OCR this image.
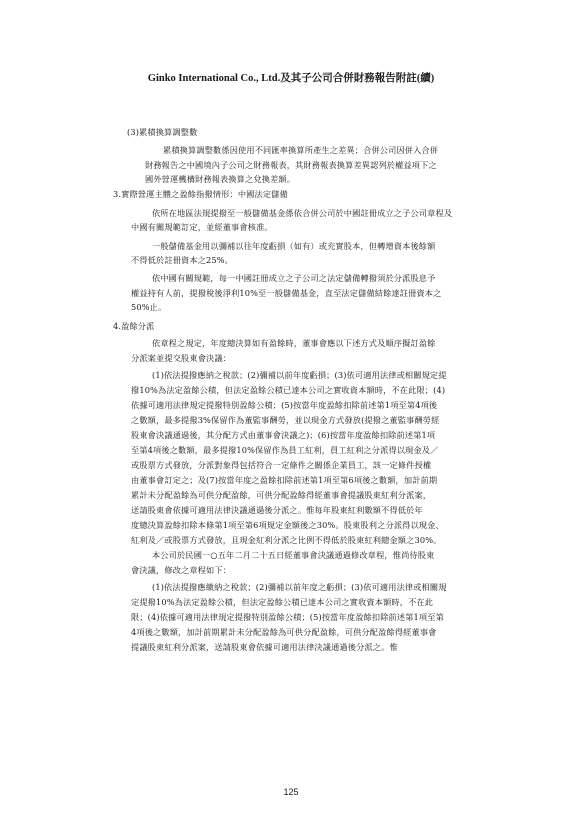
Ginko International Co., Ltd.及其子公司合併財務報告附註(續)
(3)累積換算調整數
累積換算調整數係因使用不同匯率換算所產生之差異；合併公司因併入合併
財務報告之中國境內子公司之財務報表，其財務報表換算差異認列於權益項下之
國外營運機構財務報表換算之兌換差額。
3.實際營運主體之盈餘指撥情形：中國法定儲備
依所在地區法規提撥至一般儲備基金係依合併公司於中國註冊成立之子公司章程及
中國有關規範訂定，並經董事會核准。
一般儲備基金用以彌補以往年度虧損（如有）或充實股本，但轉增資本後餘額
不得低於註冊資本之25%。
依中國有關規範，每一中國註冊成立之子公司之法定儲備轉撥須於分派股息予
權益持有人前，提撥稅後淨利10%至一般儲備基金，直至法定儲備結餘達註冊資本之
50%止。
4.盈餘分派
依章程之規定，年度總決算如有盈餘時，董事會應以下述方式及順序擬訂盈餘
分派案並提交股東會決議：
(1)依法提撥應納之稅款；(2)彌補以前年度虧損；(3)依可適用法律或相關規定提
撥10%為法定盈餘公積，但法定盈餘公積已達本公司之實收資本額時，不在此限；(4)
依據可適用法律規定提撥特別盈餘公積；(5)按當年度盈餘扣除前述第1項至第4項後
之數額，最多提撥3%保留作為董監事酬勞，並以現金方式發放(提撥之董監事酬勞經
股東會決議通過後，其分配方式由董事會決議之)；(6)按當年度盈餘扣除前述第1項
至第4項後之數額，最多提撥10%保留作為員工紅利，員工紅利之分派得以現金及／
或股票方式發放，分派對象得包括符合一定條件之關係企業員工，該一定條件授權
由董事會訂定之；及(7)按當年度之盈餘扣除前述第1項至第6項後之數額，加計前期
累計未分配盈餘為可供分配盈餘，可供分配盈餘得經董事會提議股東紅利分派案，
送請股東會依據可適用法律決議通過後分派之。惟每年股東紅利數額不得低於年
度總決算盈餘扣除本條第1項至第6項規定金額後之30%。股東股利之分派得以現金、
紅利及／或股票方式發放，且現金紅利分派之比例不得低於股東紅利總金額之30%。
本公司於民國一○五年二月二十五日經董事會決議通過修改章程，惟尚待股東
會決議，修改之章程如下：
(1)依法提撥應繳納之稅款；(2)彌補以前年度之虧損；(3)依可適用法律或相關規
定提撥10%為法定盈餘公積，但法定盈餘公積已達本公司之實收資本額時，不在此
限；(4)依據可適用法律規定提撥特別盈餘公積；(5)按當年度盈餘扣除前述第1項至第
4項後之數額，加計前期累計未分配盈餘為可供分配盈餘，可供分配盈餘得經董事會
提議股東紅利分派案，送請股東會依據可適用法律決議通過後分派之。惟
125
